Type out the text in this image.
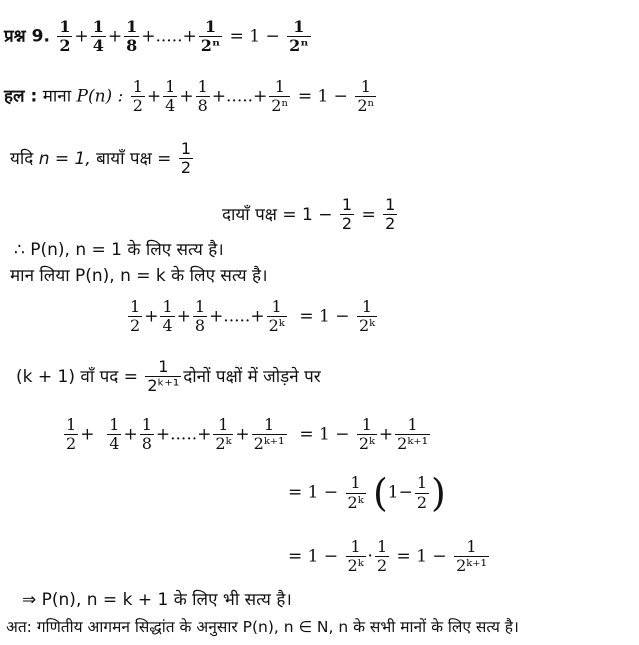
प्रश्न 9. $\frac{1}{2} + \frac{1}{4} + \frac{1}{8}$ +.....+ $\frac{1}{\text{2ⁿ}} = 1 - \frac{1}{\text{2ⁿ}}$
हल : माना P(n) : $\frac{1}{2} + \frac{1}{4} + \frac{1}{8}$ +.....+ $\frac{1}{\text{2ⁿ}} = 1 - \frac{1}{\text{2ⁿ}}$
यदि n = 1, बायाँ पक्ष = $\frac{1}{2}$
दायाँ पक्ष = $1 - \frac{1}{2} = \frac{1}{2}$
∴ P(n), n = 1 के लिए सत्य है।
मान लिया P(n), n = k के लिए सत्य है।
$\frac{1}{2} + \frac{1}{4} + \frac{1}{8}$ +.....+ $\frac{1}{\text{2ᵏ}} = 1 - \frac{1}{\text{2ᵏ}}$
(k + 1) वाँ पद = $\frac{1}{\text{2ᵏ⁺¹}}$ दोनों पक्षों में जोड़ने पर
$\frac{1}{2} + \frac{1}{4} + \frac{1}{8}$ +.....+ $\frac{1}{\text{2ᵏ}} + \frac{1}{\text{2ᵏ⁺¹}} = 1 - \frac{1}{\text{2ᵏ}} + \frac{1}{\text{2ᵏ⁺¹}}$
= $1 - \frac{1}{\text{2ᵏ}} (1- \frac{1}{2}$ )
= $1 - \frac{1}{\text{2ᵏ}} \cdot \frac{1}{2} = 1 - \frac{1}{\text{2ᵏ⁺¹}}$
⇒ P(n), n = k + 1 के लिए भी सत्य है।
अत: गणितीय आगमन सिद्धांत के अनुसार P(n), n ∈ N, n के सभी मानों के लिए सत्य है।
